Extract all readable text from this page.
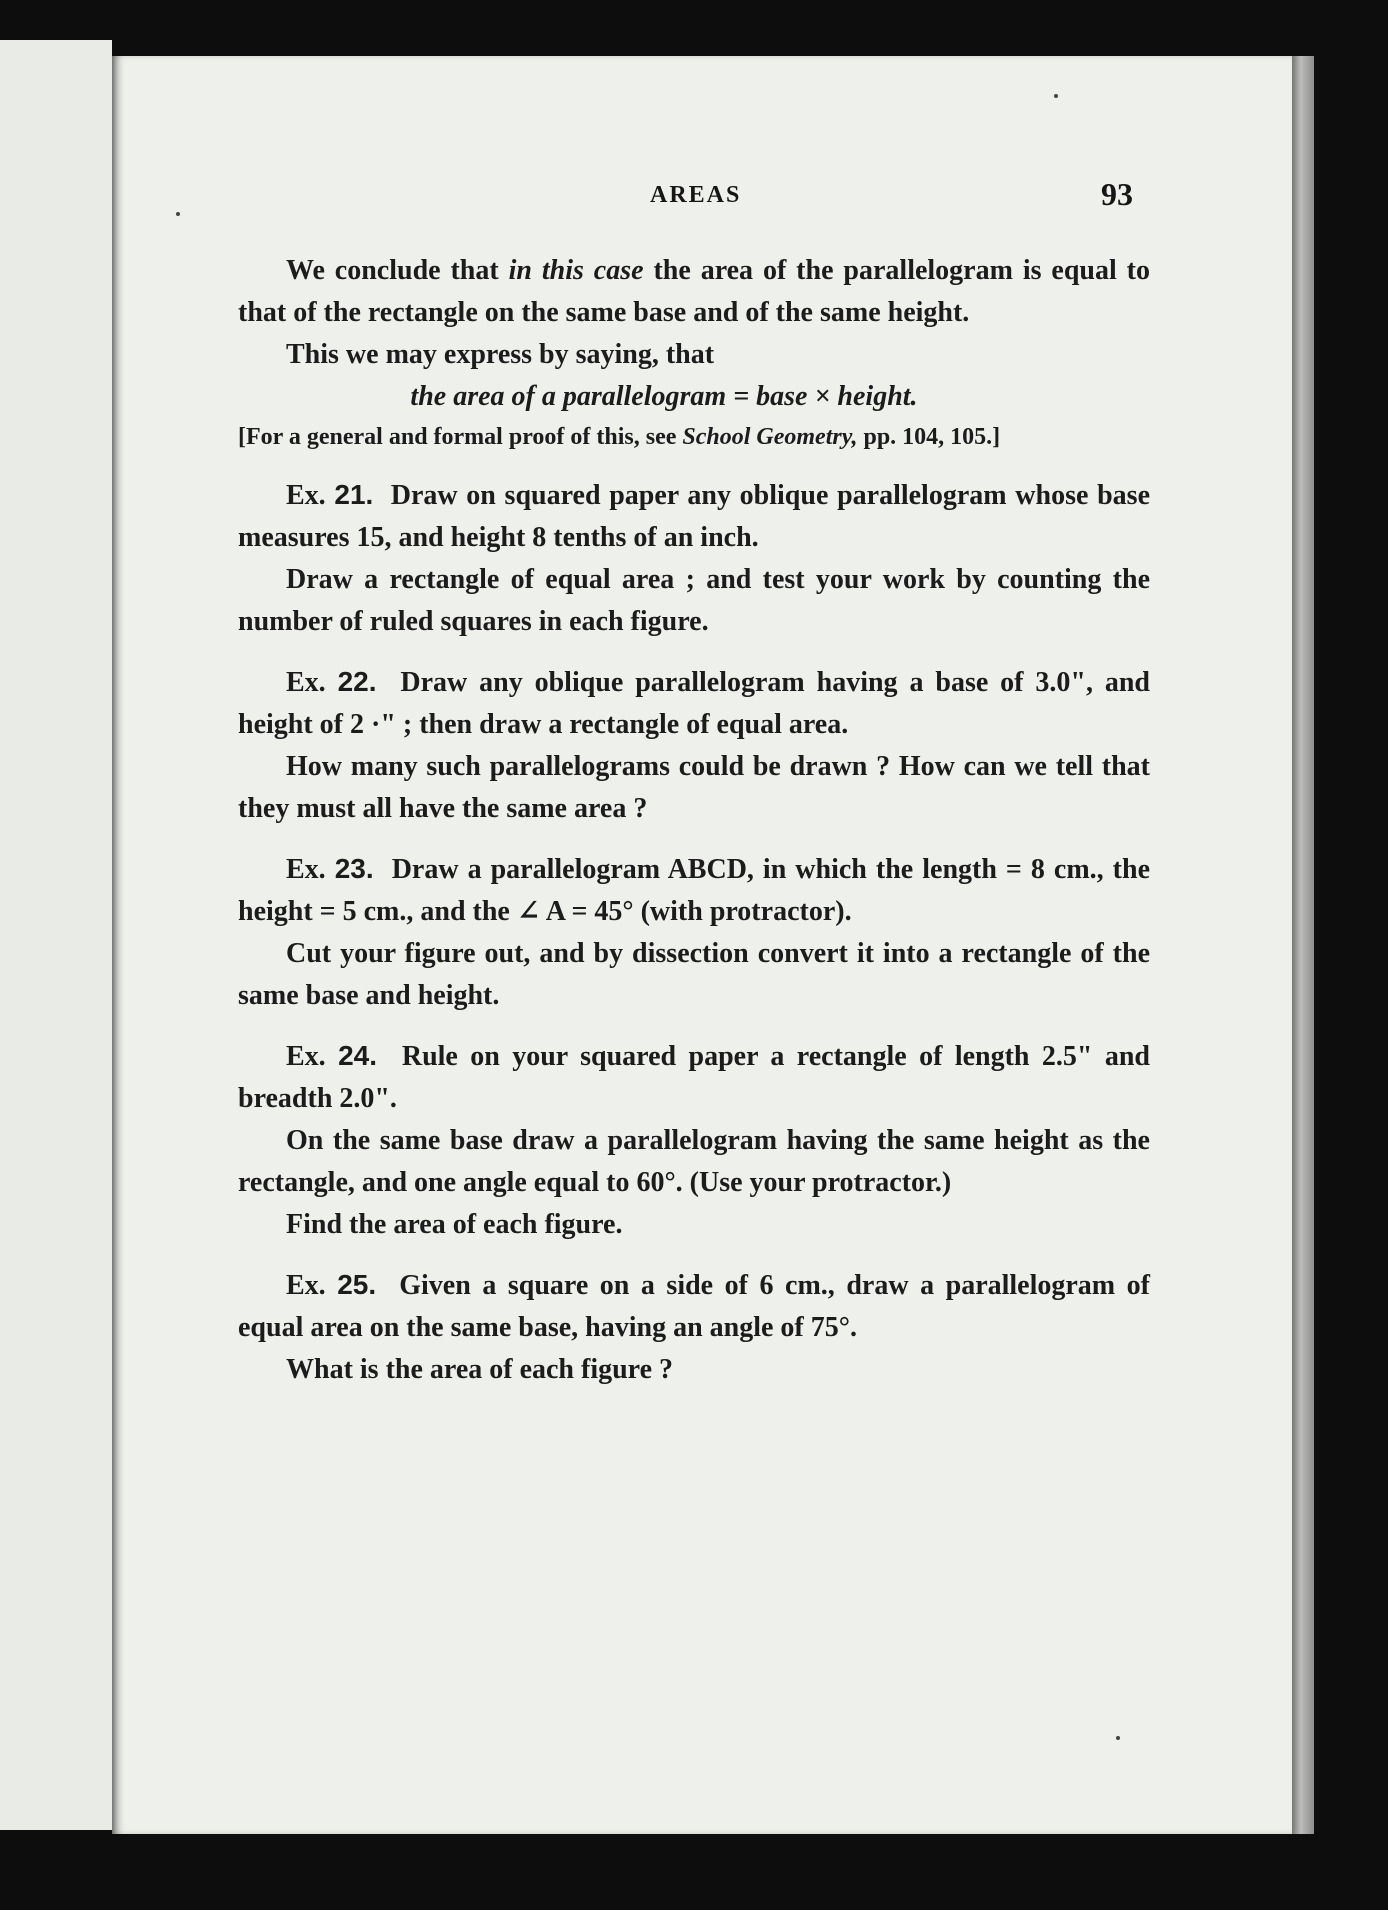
AREAS	93

We conclude that in this case the area of the parallelogram is equal to that of the rectangle on the same base and of the same height.

This we may express by saying, that

the area of a parallelogram = base × height.

[For a general and formal proof of this, see School Geometry, pp. 104, 105.]

Ex. 21. Draw on squared paper any oblique parallelogram whose base measures 15, and height 8 tenths of an inch.

Draw a rectangle of equal area ; and test your work by counting the number of ruled squares in each figure.

Ex. 22. Draw any oblique parallelogram having a base of 3.0", and height of 2 ·" ; then draw a rectangle of equal area.

How many such parallelograms could be drawn ? How can we tell that they must all have the same area ?

Ex. 23. Draw a parallelogram ABCD, in which the length = 8 cm., the height = 5 cm., and the ∠ A = 45° (with protractor).

Cut your figure out, and by dissection convert it into a rectangle of the same base and height.

Ex. 24. Rule on your squared paper a rectangle of length 2.5" and breadth 2.0".

On the same base draw a parallelogram having the same height as the rectangle, and one angle equal to 60°. (Use your protractor.)

Find the area of each figure.

Ex. 25. Given a square on a side of 6 cm., draw a parallelogram of equal area on the same base, having an angle of 75°.

What is the area of each figure ?
